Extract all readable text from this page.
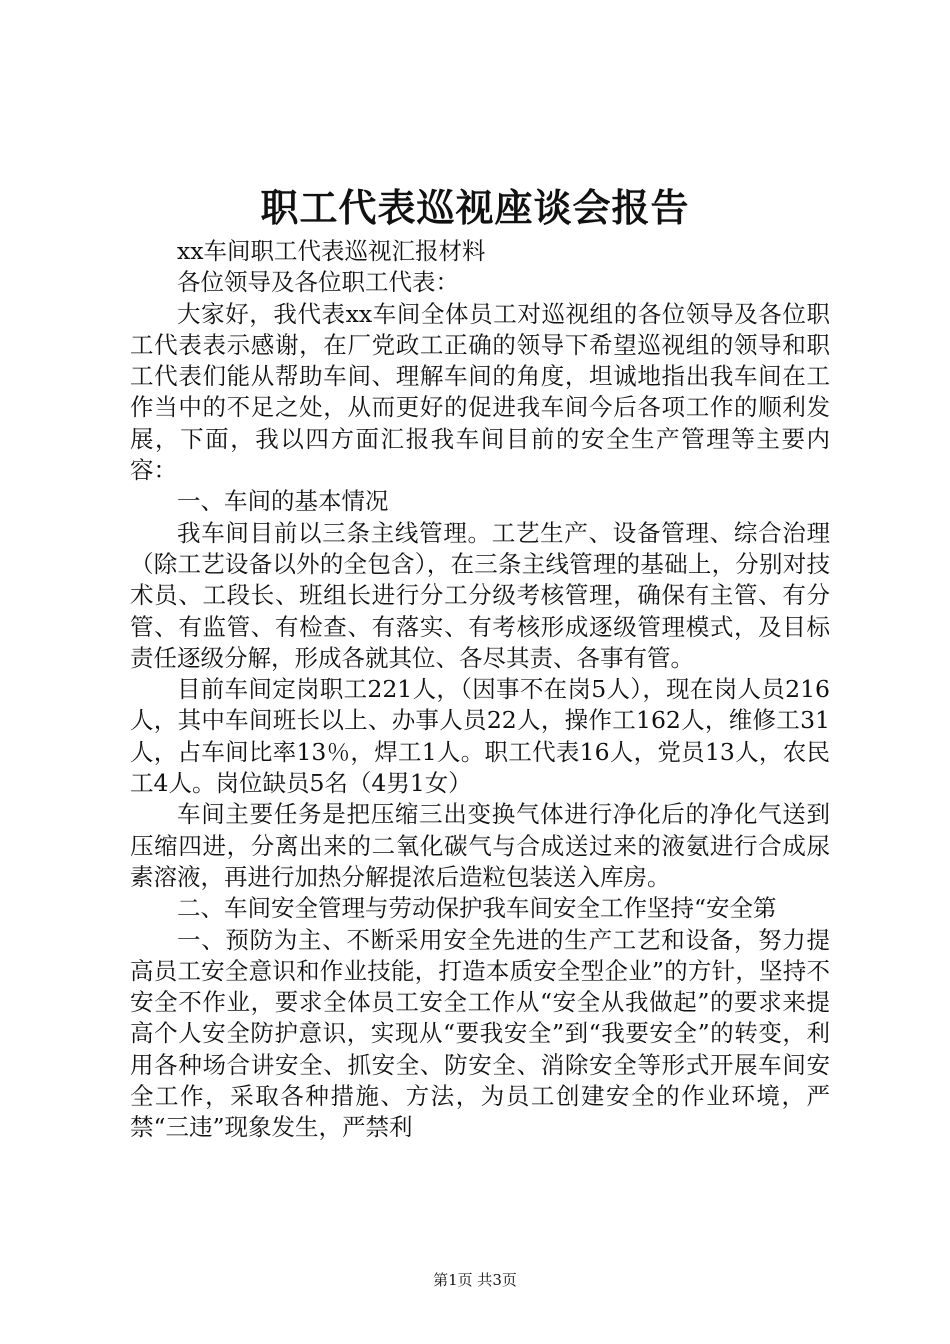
职工代表巡视座谈会报告

xx车间职工代表巡视汇报材料

各位领导及各位职工代表：

大家好，我代表xx车间全体员工对巡视组的各位领导及各位职工代表表示感谢，在厂党政工正确的领导下希望巡视组的领导和职工代表们能从帮助车间、理解车间的角度，坦诚地指出我车间在工作当中的不足之处，从而更好的促进我车间今后各项工作的顺利发展，下面，我以四方面汇报我车间目前的安全生产管理等主要内容：

一、车间的基本情况

我车间目前以三条主线管理。工艺生产、设备管理、综合治理（除工艺设备以外的全包含），在三条主线管理的基础上，分别对技术员、工段长、班组长进行分工分级考核管理，确保有主管、有分管、有监管、有检查、有落实、有考核形成逐级管理模式，及目标责任逐级分解，形成各就其位、各尽其责、各事有管。

目前车间定岗职工221人，（因事不在岗5人），现在岗人员216人，其中车间班长以上、办事人员22人，操作工162人，维修工31人，占车间比率13％，焊工1人。职工代表16人，党员13人，农民工4人。岗位缺员5名（4男1女）

车间主要任务是把压缩三出变换气体进行净化后的净化气送到压缩四进，分离出来的二氧化碳气与合成送过来的液氨进行合成尿素溶液，再进行加热分解提浓后造粒包装送入库房。

二、车间安全管理与劳动保护我车间安全工作坚持“安全第

一、预防为主、不断采用安全先进的生产工艺和设备，努力提高员工安全意识和作业技能，打造本质安全型企业”的方针，坚持不安全不作业，要求全体员工安全工作从“安全从我做起”的要求来提高个人安全防护意识，实现从“要我安全”到“我要安全”的转变，利用各种场合讲安全、抓安全、防安全、消除安全等形式开展车间安全工作，采取各种措施、方法，为员工创建安全的作业环境，严禁“三违”现象发生，严禁利

第1页 共3页
